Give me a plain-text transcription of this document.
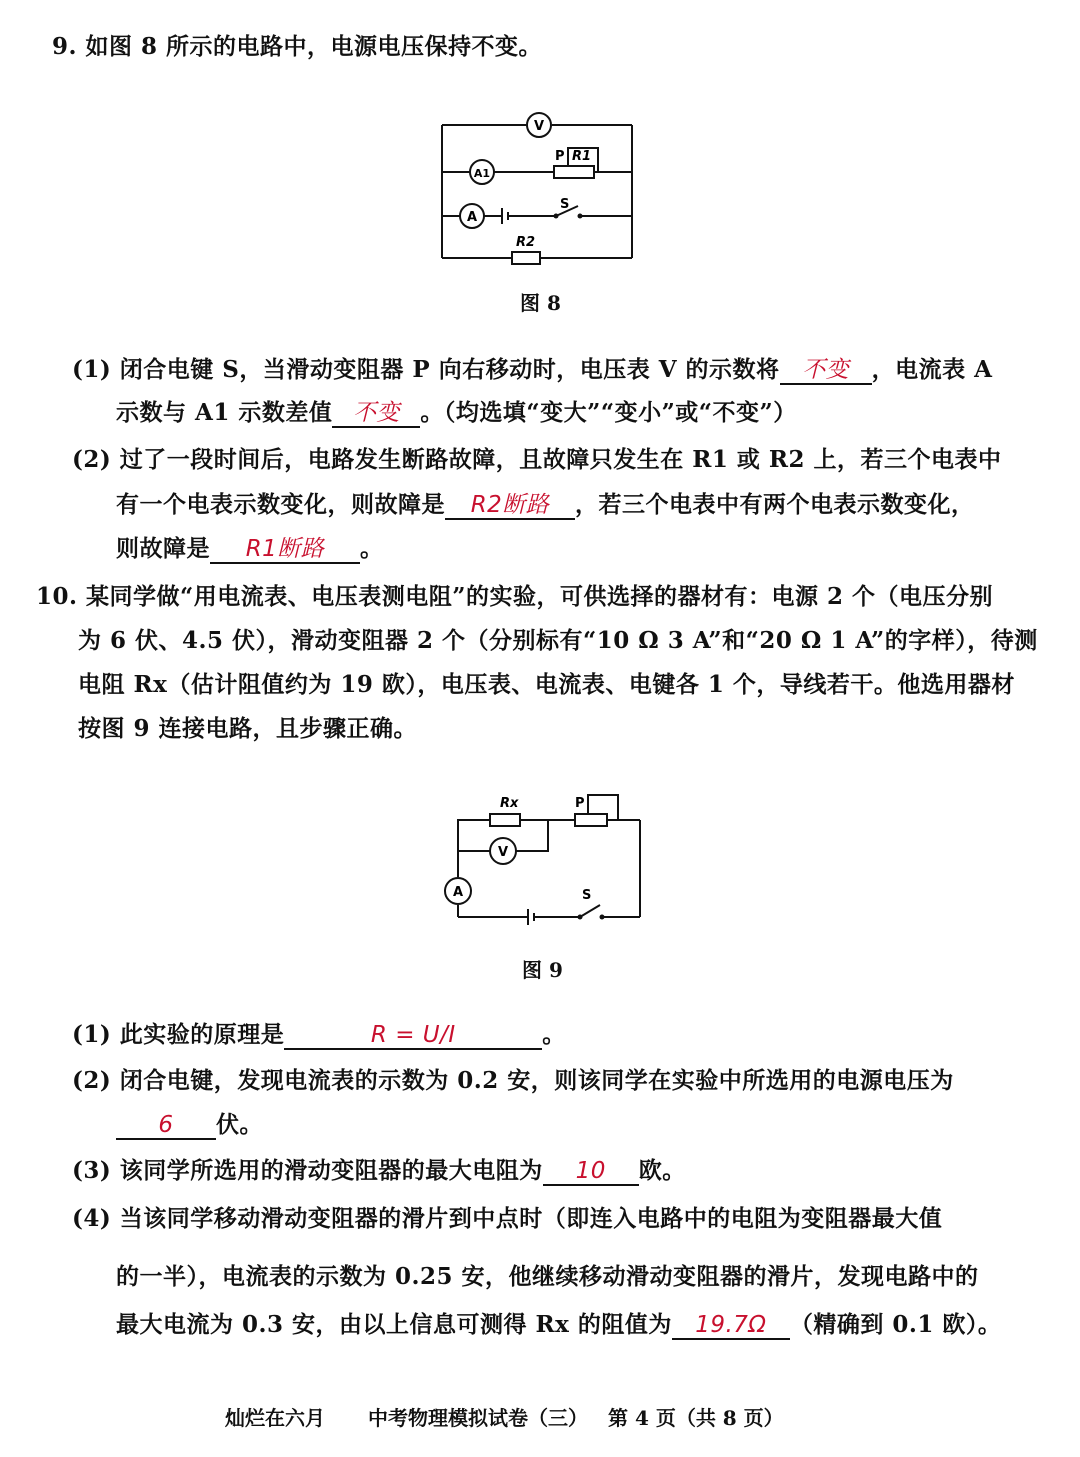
9. 如图 8 所示的电路中，电源电压保持不变。
V
A1
A
P R1
S
R2
图 8
(1) 闭合电键 S，当滑动变阻器 P 向右移动时，电压表 V 的示数将 不变 ，电流表 A
示数与 A1 示数差值 不变 。（均选填“变大”“变小”或“不变”）
(2) 过了一段时间后，电路发生断路故障，且故障只发生在 R1 或 R2 上，若三个电表中
有一个电表示数变化，则故障是 R2断路 ，若三个电表中有两个电表示数变化，
则故障是 R1断路 。
10. 某同学做“用电流表、电压表测电阻”的实验，可供选择的器材有：电源 2 个（电压分别
为 6 伏、4.5 伏），滑动变阻器 2 个（分别标有“10 Ω 3 A”和“20 Ω 1 A”的字样），待测
电阻 Rx（估计阻值约为 19 欧），电压表、电流表、电键各 1 个，导线若干。他选用器材
按图 9 连接电路，且步骤正确。
Rx	P
V
A	S
图 9
(1) 此实验的原理是	R = U/I	。
(2) 闭合电键，发现电流表的示数为 0.2 安，则该同学在实验中所选用的电源电压为
6 伏。
(3) 该同学所选用的滑动变阻器的最大电阻为 10 欧。
(4) 当该同学移动滑动变阻器的滑片到中点时（即连入电路中的电阻为变阻器最大值
的一半），电流表的示数为 0.25 安，他继续移动滑动变阻器的滑片，发现电路中的
最大电流为 0.3 安，由以上信息可测得 Rx 的阻值为 19.7Ω （精确到 0.1 欧）。
灿烂在六月 中考物理模拟试卷（三） 第 4 页（共 8 页）
